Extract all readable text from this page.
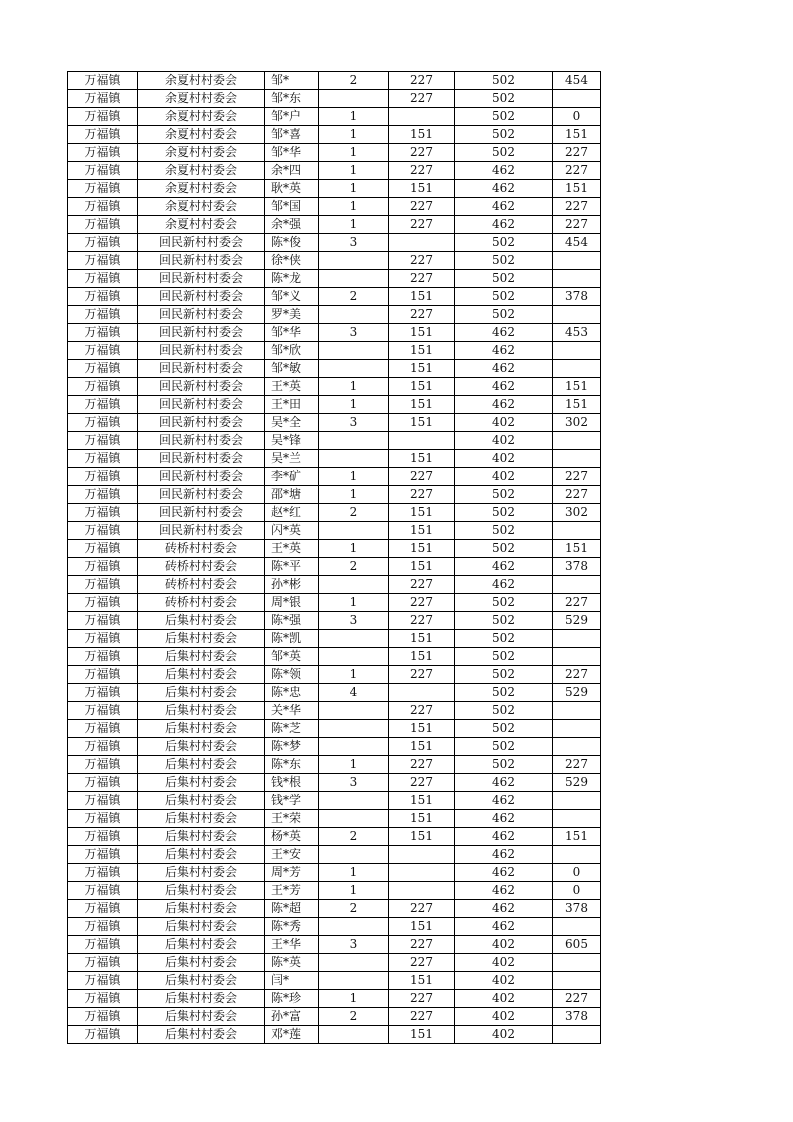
万福镇	余夏村村委会	邹*	2	227	502	454
万福镇	余夏村村委会	邹*东		227	502	
万福镇	余夏村村委会	邹*户	1		502	0
万福镇	余夏村村委会	邹*喜	1	151	502	151
万福镇	余夏村村委会	邹*华	1	227	502	227
万福镇	余夏村村委会	余*四	1	227	462	227
万福镇	余夏村村委会	耿*英	1	151	462	151
万福镇	余夏村村委会	邹*国	1	227	462	227
万福镇	余夏村村委会	余*强	1	227	462	227
万福镇	回民新村村委会	陈*俊	3		502	454
万福镇	回民新村村委会	徐*侠		227	502	
万福镇	回民新村村委会	陈*龙		227	502	
万福镇	回民新村村委会	邹*义	2	151	502	378
万福镇	回民新村村委会	罗*美		227	502	
万福镇	回民新村村委会	邹*华	3	151	462	453
万福镇	回民新村村委会	邹*欣		151	462	
万福镇	回民新村村委会	邹*敏		151	462	
万福镇	回民新村村委会	王*英	1	151	462	151
万福镇	回民新村村委会	王*田	1	151	462	151
万福镇	回民新村村委会	吴*全	3	151	402	302
万福镇	回民新村村委会	吴*锋			402	
万福镇	回民新村村委会	吴*兰		151	402	
万福镇	回民新村村委会	李*矿	1	227	402	227
万福镇	回民新村村委会	邵*塘	1	227	502	227
万福镇	回民新村村委会	赵*红	2	151	502	302
万福镇	回民新村村委会	闪*英		151	502	
万福镇	砖桥村村委会	王*英	1	151	502	151
万福镇	砖桥村村委会	陈*平	2	151	462	378
万福镇	砖桥村村委会	孙*彬		227	462	
万福镇	砖桥村村委会	周*银	1	227	502	227
万福镇	后集村村委会	陈*强	3	227	502	529
万福镇	后集村村委会	陈*凯		151	502	
万福镇	后集村村委会	邹*英		151	502	
万福镇	后集村村委会	陈*领	1	227	502	227
万福镇	后集村村委会	陈*忠	4		502	529
万福镇	后集村村委会	关*华		227	502	
万福镇	后集村村委会	陈*芝		151	502	
万福镇	后集村村委会	陈*梦		151	502	
万福镇	后集村村委会	陈*东	1	227	502	227
万福镇	后集村村委会	钱*根	3	227	462	529
万福镇	后集村村委会	钱*学		151	462	
万福镇	后集村村委会	王*荣		151	462	
万福镇	后集村村委会	杨*英	2	151	462	151
万福镇	后集村村委会	王*安			462	
万福镇	后集村村委会	周*芳	1		462	0
万福镇	后集村村委会	王*芳	1		462	0
万福镇	后集村村委会	陈*超	2	227	462	378
万福镇	后集村村委会	陈*秀		151	462	
万福镇	后集村村委会	王*华	3	227	402	605
万福镇	后集村村委会	陈*英		227	402	
万福镇	后集村村委会	闫*		151	402	
万福镇	后集村村委会	陈*珍	1	227	402	227
万福镇	后集村村委会	孙*富	2	227	402	378
万福镇	后集村村委会	邓*莲		151	402	
